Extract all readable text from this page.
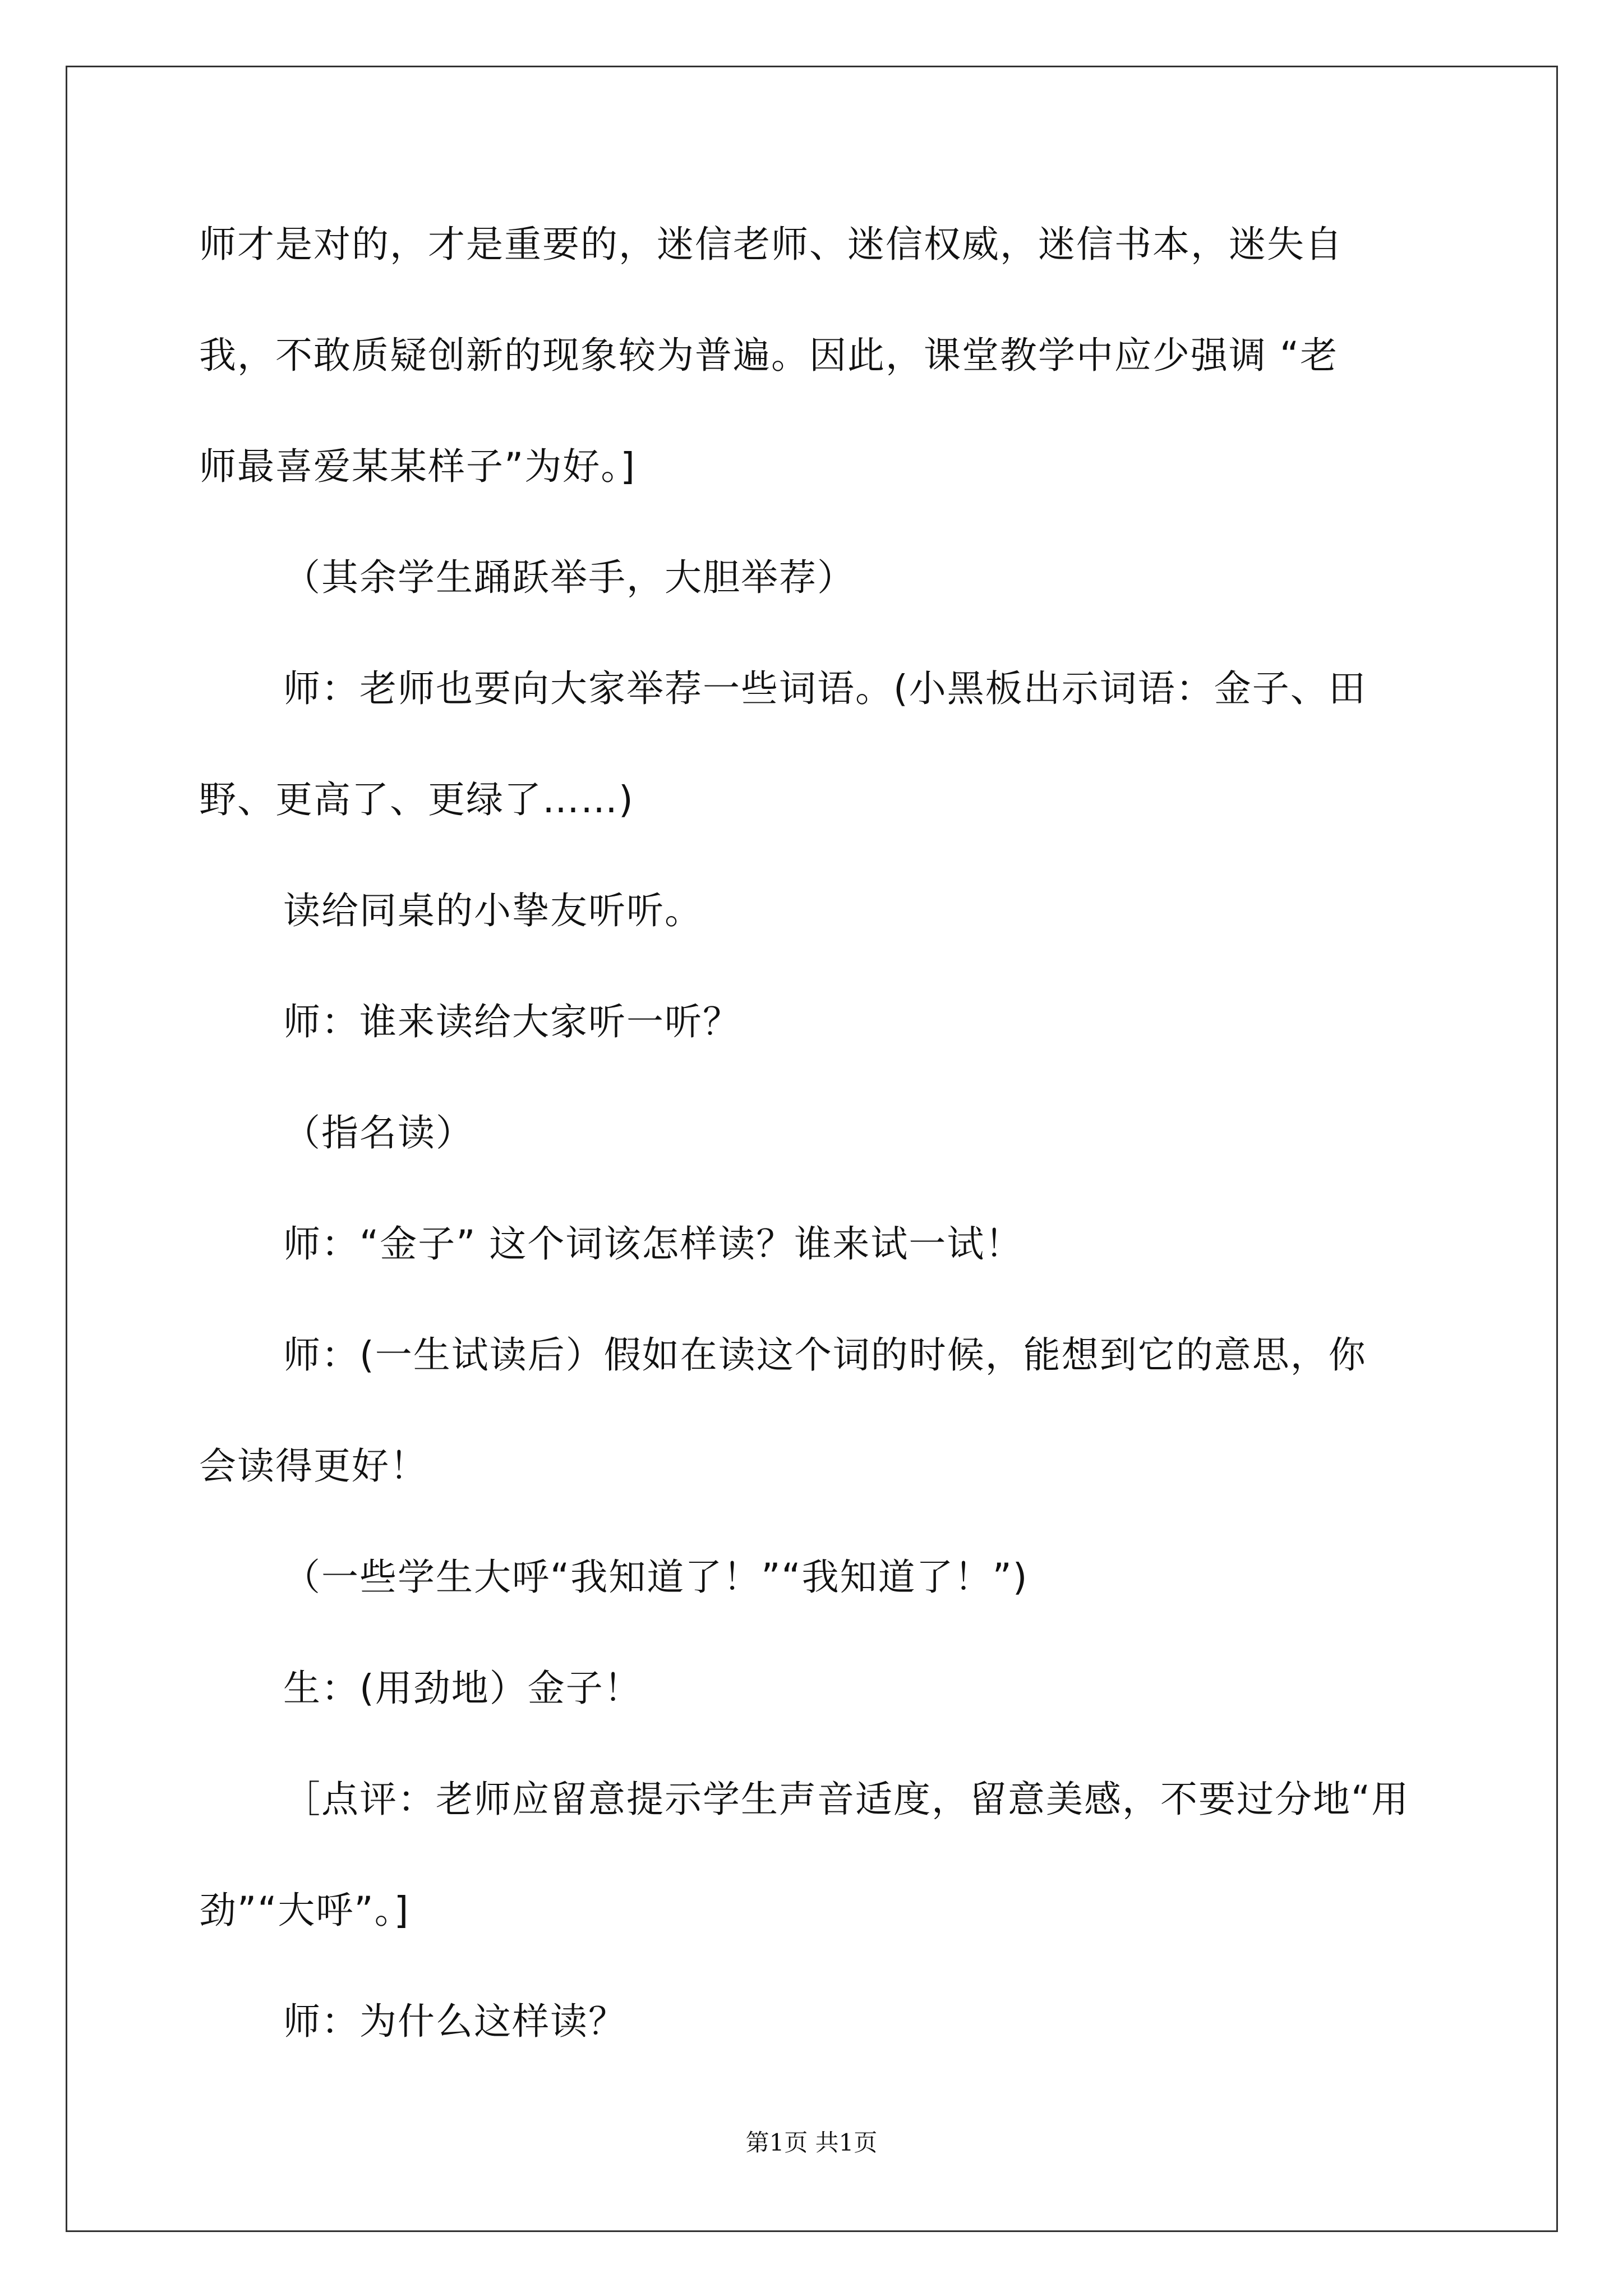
师才是对的，才是重要的，迷信老师、迷信权威，迷信书本，迷失自
我，不敢质疑创新的现象较为普遍。因此，课堂教学中应少强调 “老
师最喜爱某某样子”为好。]
（其余学生踊跃举手，大胆举荐）
师：老师也要向大家举荐一些词语。(小黑板出示词语：金子、田
野、更高了、更绿了……)
读给同桌的小挚友听听。
师：谁来读给大家听一听？
（指名读）
师：“金子” 这个词该怎样读？谁来试一试！
师：(一生试读后）假如在读这个词的时候，能想到它的意思，你
会读得更好！
（一些学生大呼“我知道了！”“我知道了！”)
生：(用劲地）金子！
［点评：老师应留意提示学生声音适度，留意美感，不要过分地“用
劲”“大呼”。]
师：为什么这样读？
第1页 共1页
